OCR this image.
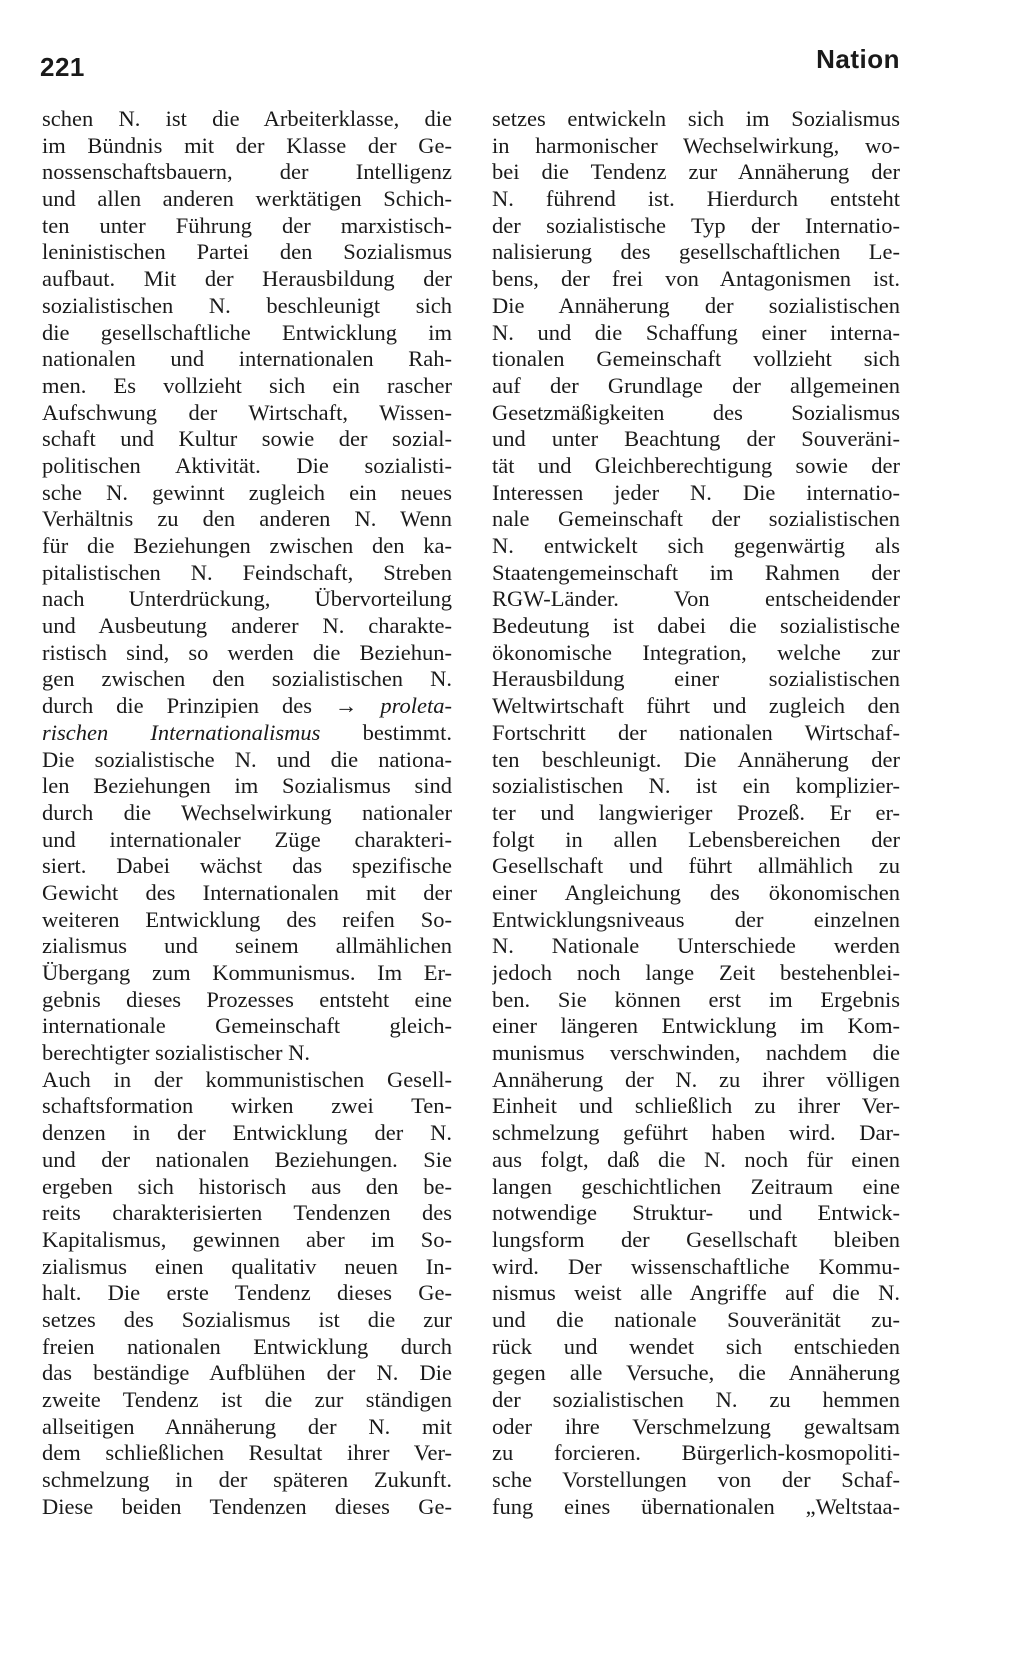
221	Nation
schen N. ist die Arbeiterklasse, die
im Bündnis mit der Klasse der Ge-
nossenschaftsbauern, der Intelligenz
und allen anderen werktätigen Schich-
ten unter Führung der marxistisch-
leninistischen Partei den Sozialismus
aufbaut. Mit der Herausbildung der
sozialistischen N. beschleunigt sich
die gesellschaftliche Entwicklung im
nationalen und internationalen Rah-
men. Es vollzieht sich ein rascher
Aufschwung der Wirtschaft, Wissen-
schaft und Kultur sowie der sozial-
politischen Aktivität. Die sozialisti-
sche N. gewinnt zugleich ein neues
Verhältnis zu den anderen N. Wenn
für die Beziehungen zwischen den ka-
pitalistischen N. Feindschaft, Streben
nach Unterdrückung, Übervorteilung
und Ausbeutung anderer N. charakte-
ristisch sind, so werden die Beziehun-
gen zwischen den sozialistischen N.
durch die Prinzipien des → proleta-
rischen Internationalismus bestimmt.
Die sozialistische N. und die nationa-
len Beziehungen im Sozialismus sind
durch die Wechselwirkung nationaler
und internationaler Züge charakteri-
siert. Dabei wächst das spezifische
Gewicht des Internationalen mit der
weiteren Entwicklung des reifen So-
zialismus und seinem allmählichen
Übergang zum Kommunismus. Im Er-
gebnis dieses Prozesses entsteht eine
internationale Gemeinschaft gleich-
berechtigter sozialistischer N.
Auch in der kommunistischen Gesell-
schaftsformation wirken zwei Ten-
denzen in der Entwicklung der N.
und der nationalen Beziehungen. Sie
ergeben sich historisch aus den be-
reits charakterisierten Tendenzen des
Kapitalismus, gewinnen aber im So-
zialismus einen qualitativ neuen In-
halt. Die erste Tendenz dieses Ge-
setzes des Sozialismus ist die zur
freien nationalen Entwicklung durch
das beständige Aufblühen der N. Die
zweite Tendenz ist die zur ständigen
allseitigen Annäherung der N. mit
dem schließlichen Resultat ihrer Ver-
schmelzung in der späteren Zukunft.
Diese beiden Tendenzen dieses Ge-
setzes entwickeln sich im Sozialismus
in harmonischer Wechselwirkung, wo-
bei die Tendenz zur Annäherung der
N. führend ist. Hierdurch entsteht
der sozialistische Typ der Internatio-
nalisierung des gesellschaftlichen Le-
bens, der frei von Antagonismen ist.
Die Annäherung der sozialistischen
N. und die Schaffung einer interna-
tionalen Gemeinschaft vollzieht sich
auf der Grundlage der allgemeinen
Gesetzmäßigkeiten des Sozialismus
und unter Beachtung der Souveräni-
tät und Gleichberechtigung sowie der
Interessen jeder N. Die internatio-
nale Gemeinschaft der sozialistischen
N. entwickelt sich gegenwärtig als
Staatengemeinschaft im Rahmen der
RGW-Länder. Von entscheidender
Bedeutung ist dabei die sozialistische
ökonomische Integration, welche zur
Herausbildung einer sozialistischen
Weltwirtschaft führt und zugleich den
Fortschritt der nationalen Wirtschaf-
ten beschleunigt. Die Annäherung der
sozialistischen N. ist ein komplizier-
ter und langwieriger Prozeß. Er er-
folgt in allen Lebensbereichen der
Gesellschaft und führt allmählich zu
einer Angleichung des ökonomischen
Entwicklungsniveaus der einzelnen
N. Nationale Unterschiede werden
jedoch noch lange Zeit bestehenblei-
ben. Sie können erst im Ergebnis
einer längeren Entwicklung im Kom-
munismus verschwinden, nachdem die
Annäherung der N. zu ihrer völligen
Einheit und schließlich zu ihrer Ver-
schmelzung geführt haben wird. Dar-
aus folgt, daß die N. noch für einen
langen geschichtlichen Zeitraum eine
notwendige Struktur- und Entwick-
lungsform der Gesellschaft bleiben
wird. Der wissenschaftliche Kommu-
nismus weist alle Angriffe auf die N.
und die nationale Souveränität zu-
rück und wendet sich entschieden
gegen alle Versuche, die Annäherung
der sozialistischen N. zu hemmen
oder ihre Verschmelzung gewaltsam
zu forcieren. Bürgerlich-kosmopoliti-
sche Vorstellungen von der Schaf-
fung eines übernationalen „Weltstaa-
